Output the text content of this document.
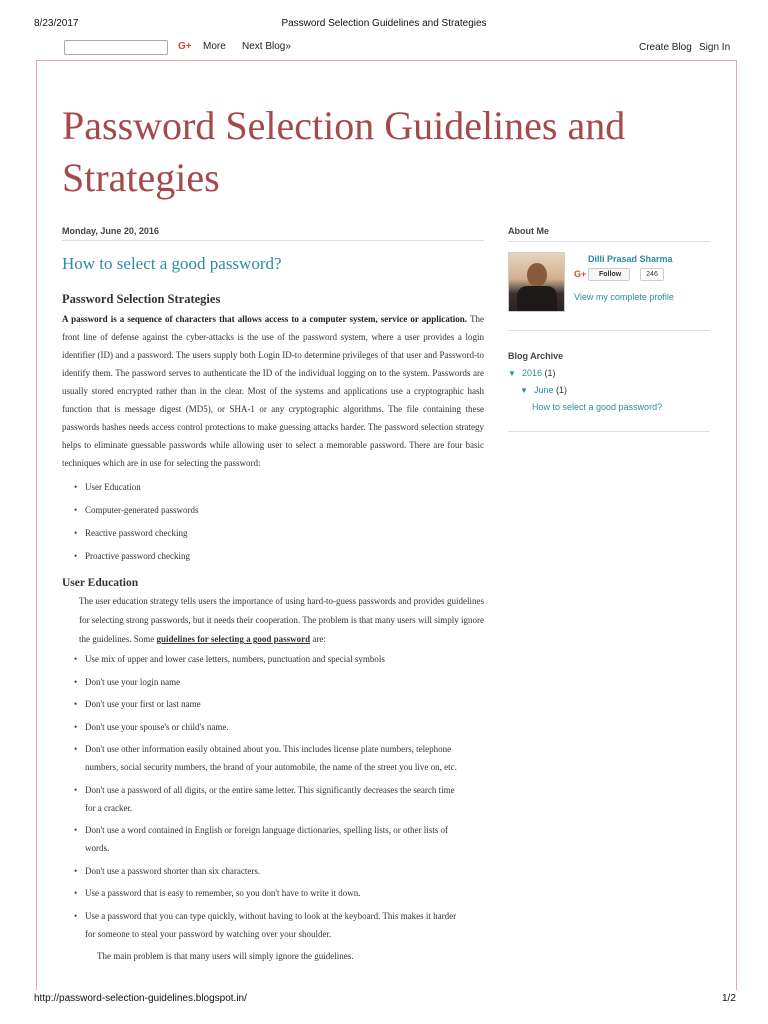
8/23/2017	Password Selection Guidelines and Strategies
G+ More Next Blog»	Create Blog Sign In
Password Selection Guidelines and Strategies
Monday, June 20, 2016
How to select a good password?
Password Selection Strategies

A password is a sequence of characters that allows access to a computer system, service or application. The front line of defense against the cyber-attacks is the use of the password system, where a user provides a login identifier (ID) and a password. The users supply both Login ID-to determine privileges of that user and Password-to identify them. The password serves to authenticate the ID of the individual logging on to the system. Passwords are usually stored encrypted rather than in the clear. Most of the systems and applications use a cryptographic hash function that is message digest (MD5), or SHA-1 or any cryptographic algorithms. The file containing these passwords hashes needs access control protections to make guessing attacks harder. The password selection strategy helps to eliminate guessable passwords while allowing user to select a memorable password. There are four basic techniques which are in use for selecting the password:

• User Education
• Computer-generated passwords
• Reactive password checking
• Proactive password checking
User Education

The user education strategy tells users the importance of using hard-to-guess passwords and provides guidelines for selecting strong passwords, but it needs their cooperation. The problem is that many users will simply ignore the guidelines. Some guidelines for selecting a good password are:

• Use mix of upper and lower case letters, numbers, punctuation and special symbols
• Don't use your login name
• Don't use your first or last name
• Don't use your spouse's or child's name.
• Don't use other information easily obtained about you. This includes license plate numbers, telephone numbers, social security numbers, the brand of your automobile, the name of the street you live on, etc.
• Don't use a password of all digits, or the entire same letter. This significantly decreases the search time for a cracker.
• Don't use a word contained in English or foreign language dictionaries, spelling lists, or other lists of words.
• Don't use a password shorter than six characters.
• Use a password that is easy to remember, so you don't have to write it down.
• Use a password that you can type quickly, without having to look at the keyboard. This makes it harder for someone to steal your password by watching over your shoulder.

The main problem is that many users will simply ignore the guidelines.

About Me
Dilli Prasad Sharma
G+	Follow	246
View my complete profile
Blog Archive
▼ 2016 (1)
▼ June (1)
How to select a good password?
http://password-selection-guidelines.blogspot.in/	1/2
